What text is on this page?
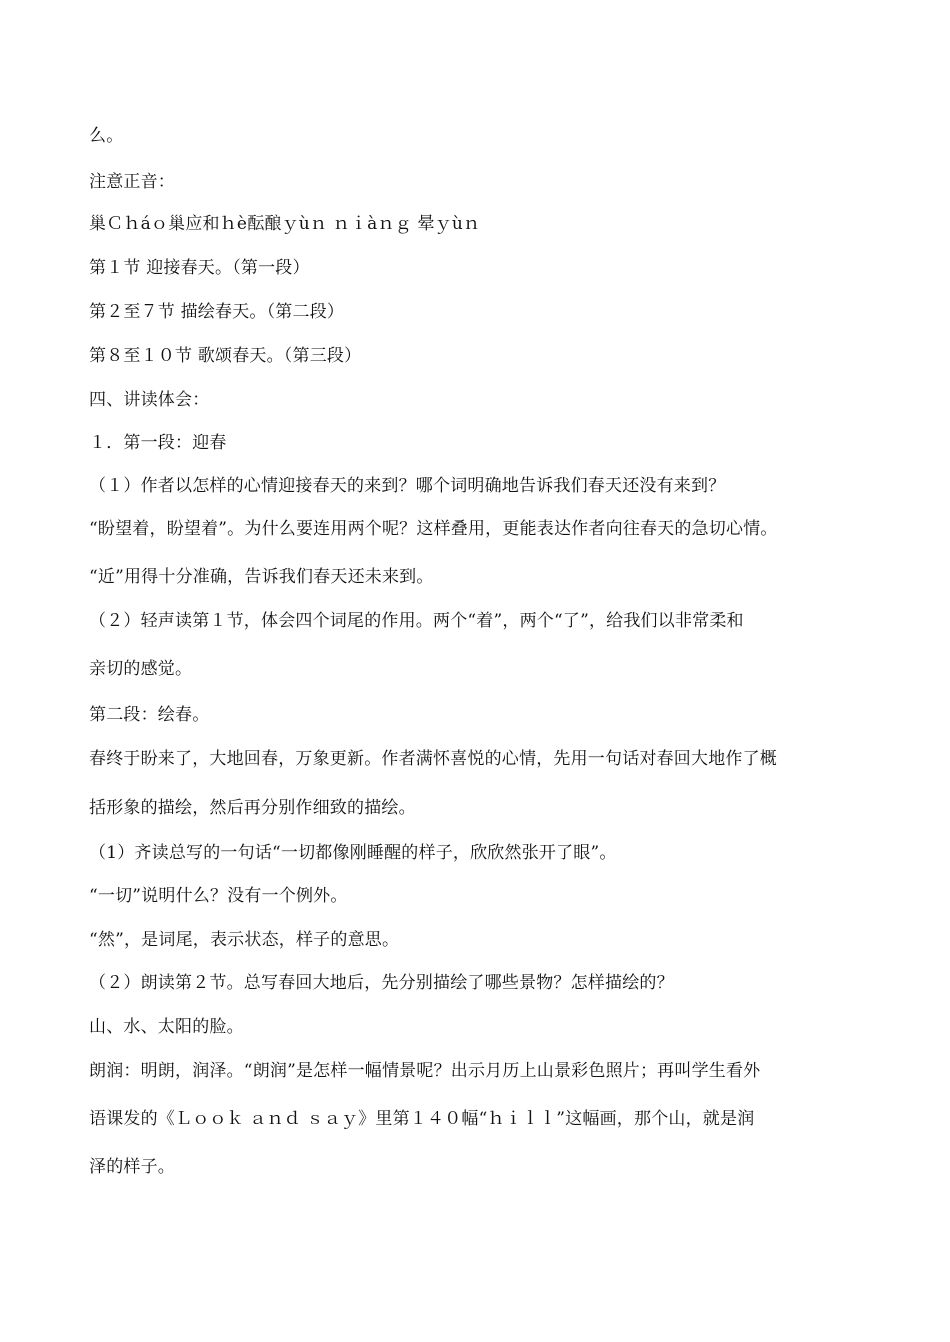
么。
注意正音：
巢Ｃｈáｏ巢应和ｈè酝酿ｙùｎ ｎｉàｎｇ 晕ｙùｎ
第１节 迎接春天。（第一段）
第２至７节 描绘春天。（第二段）
第８至１０节 歌颂春天。（第三段）
四、讲读体会：
１．第一段：迎春
（１）作者以怎样的心情迎接春天的来到？哪个词明确地告诉我们春天还没有来到？
“盼望着，盼望着”。为什么要连用两个呢？这样叠用，更能表达作者向往春天的急切心情。
“近”用得十分准确，告诉我们春天还未来到。
（２）轻声读第１节，体会四个词尾的作用。两个“着”，两个“了”，给我们以非常柔和
亲切的感觉。
第二段：绘春。
春终于盼来了，大地回春，万象更新。作者满怀喜悦的心情，先用一句话对春回大地作了概
括形象的描绘，然后再分别作细致的描绘。
（1）齐读总写的一句话“一切都像刚睡醒的样子，欣欣然张开了眼”。
“一切”说明什么？没有一个例外。
“然”，是词尾，表示状态，样子的意思。
（２）朗读第２节。总写春回大地后，先分别描绘了哪些景物？怎样描绘的？
山、水、太阳的脸。
朗润：明朗，润泽。“朗润”是怎样一幅情景呢？出示月历上山景彩色照片；再叫学生看外
语课发的《Ｌｏｏｋ ａｎｄ ｓａｙ》里第１４０幅“ｈｉｌｌ”这幅画，那个山，就是润
泽的样子。
